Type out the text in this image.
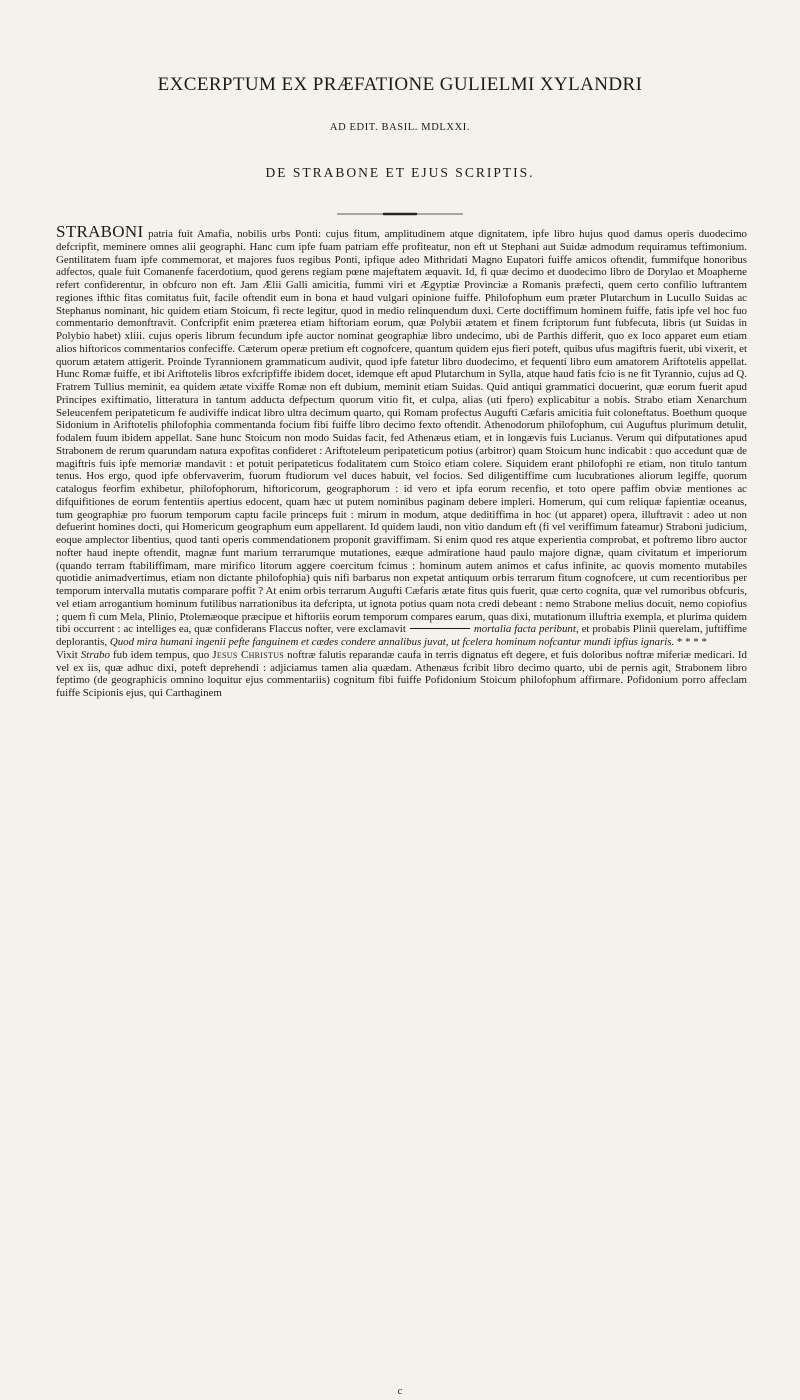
EXCERPTUM EX PRÆFATIONE GULIELMI XYLANDRI
AD EDIT. BASIL. MDLXXI.
DE STRABONE ET EJUS SCRIPTIS.

STRABONI patria fuit Amafia, nobilis urbs Ponti: cujus fitum, amplitudinem atque dignitatem, ipfe libro hujus quod damus operis duodecimo defcripfit, meminere omnes alii geographi. Hanc cum ipfe fuam patriam effe profiteatur, non eft ut Stephani aut Suidæ admodum requiramus teftimonium. Gentilitatem fuam ipfe commemorat, et majores fuos regibus Ponti, ipfique adeo Mithridati Magno Eupatori fuiffe amicos oftendit, fummifque honoribus adfectos, quale fuit Comanenfe facerdotium, quod gerens regiam pœne majeftatem æquavit. Id, fi quæ decimo et duodecimo libro de Dorylao et Moapherne refert confiderentur, in obfcuro non eft. Jam Ælii Galli amicitia, fummi viri et Ægyptiæ Provinciæ a Romanis præfecti, quem certo confilio luftrantem regiones ifthic fitas comitatus fuit, facile oftendit eum in bona et haud vulgari opinione fuiffe. Philofophum eum præter Plutarchum in Lucullo Suidas ac Stephanus nominant, hic quidem etiam Stoicum, fi recte legitur, quod in medio relinquendum duxi. Certe doctiffimum hominem fuiffe, fatis ipfe vel hoc fuo commentario demonftravit. Confcripfit enim præterea etiam hiftoriam eorum, quæ Polybii ætatem et finem fcriptorum funt fubfecuta, libris (ut Suidas in Polybio habet) xliii. cujus operis librum fecundum ipfe auctor nominat geographiæ libro undecimo, ubi de Parthis differit, quo ex loco apparet eum etiam alios hiftoricos commentarios confeciffe. Cæterum operæ pretium eft cognofcere, quantum quidem ejus fieri poteft, quibus ufus magiftris fuerit, ubi vixerit, et quorum ætatem attigerit. Proinde Tyrannionem grammaticum audivit, quod ipfe fatetur libro duodecimo, et fequenti libro eum amatorem Ariftotelis appellat. Hunc Romæ fuiffe, et ibi Ariftotelis libros exfcripfiffe ibidem docet, idemque eft apud Plutarchum in Sylla, atque haud fatis fcio is ne fit Tyrannio, cujus ad Q. Fratrem Tullius meminit, ea quidem ætate vixiffe Romæ non eft dubium, meminit etiam Suidas. Quid antiqui grammatici docuerint, quæ eorum fuerit apud Principes exiftimatio, litteratura in tantum adducta defpectum quorum vitio fit, et culpa, alias (uti fpero) explicabitur a nobis. Strabo etiam Xenarchum Seleucenfem peripateticum fe audiviffe indicat libro ultra decimum quarto, qui Romam profectus Augufti Cæfaris amicitia fuit coloneftatus. Boethum quoque Sidonium in Ariftotelis philofophia commentanda focium fibi fuiffe libro decimo fexto oftendit. Athenodorum philofophum, cui Auguftus plurimum detulit, fodalem fuum ibidem appellat. Sane hunc Stoicum non modo Suidas facit, fed Athenæus etiam, et in longævis fuis Lucianus. Verum qui difputationes apud Strabonem de rerum quarundam natura expofitas confideret : Ariftoteleum peripateticum potius (arbitror) quam Stoicum hunc indicabit : quo accedunt quæ de magiftris fuis ipfe memoriæ mandavit : et potuit peripateticus fodalitatem cum Stoico etiam colere. Siquidem erant philofophi re etiam, non titulo tantum tenus. Hos ergo, quod ipfe obfervaverim, fuorum ftudiorum vel duces habuit, vel focios. Sed diligentiffime cum lucubrationes aliorum legiffe, quorum catalogus feorfim exhibetur, philofophorum, hiftoricorum, geographorum : id vero et ipfa eorum recenfio, et toto opere paffim obviæ mentiones ac difquifitiones de eorum fententiis apertius edocent, quam hæc ut putem nominibus paginam debere impleri. Homerum, qui cum reliquæ fapientiæ oceanus, tum geographiæ pro fuorum temporum captu facile princeps fuit : mirum in modum, atque deditiffima in hoc (ut apparet) opera, illuftravit : adeo ut non defuerint homines docti, qui Homericum geographum eum appellarent. Id quidem laudi, non vitio dandum eft (fi vel veriffimum fateamur) Straboni judicium, eoque amplector libentius, quod tanti operis commendationem proponit graviffimam. Si enim quod res atque experientia comprobat, et poftremo libro auctor nofter haud inepte oftendit, magnæ funt marium terrarumque mutationes, eæque admiratione haud paulo majore dignæ, quam civitatum et imperiorum (quando terram ftabiliffimam, mare mirifico litorum aggere coercitum fcimus : hominum autem animos et cafus infinite, ac quovis momento mutabiles quotidie animadvertimus, etiam non dictante philofophia) quis nifi barbarus non expetat antiquum orbis terrarum fitum cognofcere, ut cum recentioribus per temporum intervalla mutatis comparare poffit ? At enim orbis terrarum Augufti Cæfaris ætate fitus quis fuerit, quæ certo cognita, quæ vel rumoribus obfcuris, vel etiam arrogantium hominum futilibus narrationibus ita defcripta, ut ignota potius quam nota credi debeant : nemo Strabone melius docuit, nemo copiofius ; quem fi cum Mela, Plinio, Ptolemæoque præcipue et hiftoriis eorum temporum compares earum, quas dixi, mutationum illuftria exempla, et plurima quidem tibi occurrent : ac intelliges ea, quæ confiderans Flaccus nofter, vere exclamavit	mortalia facta peribunt, et probabis Plinii querelam, juftiffime deplorantis, Quod mira humani ingenii pefte fanguinem et cædes condere annalibus juvat, ut fcelera hominum nofcantur mundi ipfius ignaris. * * * *

Vixit Strabo fub idem tempus, quo Jesus Christus noftræ falutis reparandæ caufa in terris dignatus eft degere, et fuis doloribus noftræ miferiæ medicari. Id vel ex iis, quæ adhuc dixi, poteft deprehendi : adjiciamus tamen alia quædam. Athenæus fcribit libro decimo quarto, ubi de pernis agit, Strabonem libro feptimo (de geographicis omnino loquitur ejus commentariis) cognitum fibi fuiffe Pofidonium Stoicum philofophum affirmare. Pofidonium porro affeclam fuiffe Scipionis ejus, qui Carthaginem

c
